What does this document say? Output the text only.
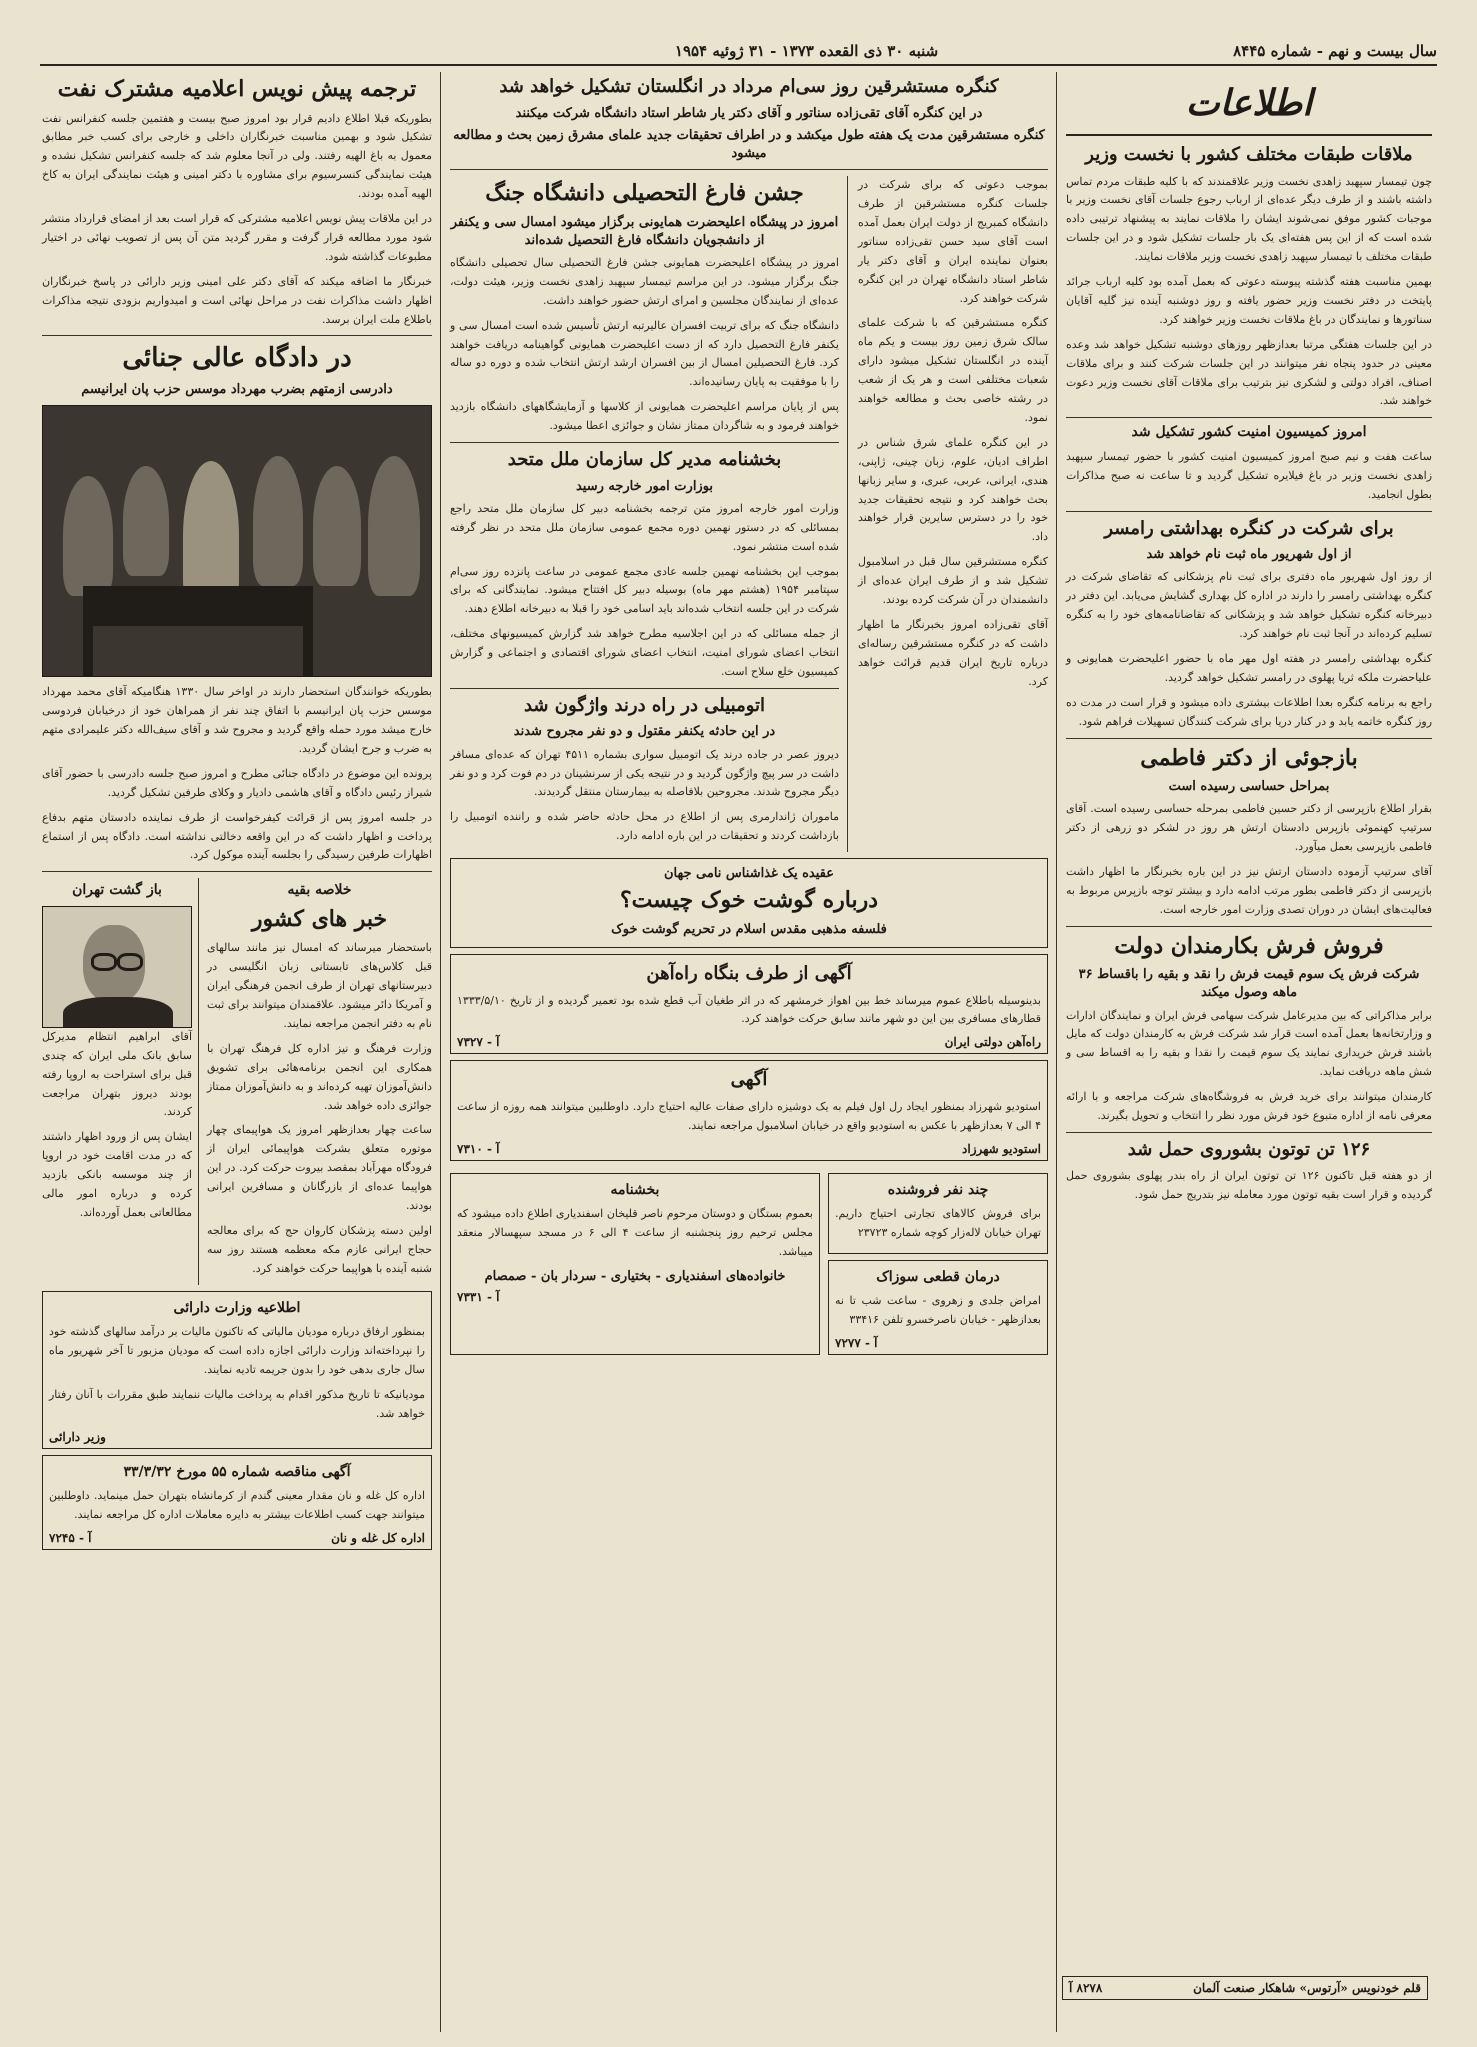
سال بیست و نهم - شماره ۸۴۴۵
شنبه ۳۰ ذی القعده ۱۳۷۳ - ۳۱ ژوئیه ۱۹۵۴
اطلاعات
ملاقات طبقات مختلف کشور با نخست وزیر

چون تیمسار سپهبد زاهدی نخست وزیر علاقمندند که با کلیه طبقات مردم تماس داشته باشند و از طرف دیگر عده‌ای از ارباب رجوع جلسات آقای نخست وزیر با موجبات کشور موفق نمی‌شوند ایشان را ملاقات نمایند به پیشنهاد ترتیبی داده شده است که از این پس هفته‌ای یک بار جلسات تشکیل شود و در این جلسات طبقات مختلف با تیمسار سپهبد زاهدی نخست وزیر ملاقات نمایند.

بهمین مناسبت هفته گذشته پیوسته دعوتی که بعمل آمده بود کلیه ارباب جرائد پایتخت در دفتر نخست وزیر حضور یافته و روز دوشنبه آینده نیز گلیه آقایان سناتورها و نمایندگان در باغ ملاقات نخست وزیر خواهند کرد.

در این جلسات هفتگی مرتبا بعدازظهر روزهای دوشنبه تشکیل خواهد شد وعده معینی در حدود پنجاه نفر میتوانند در این جلسات شرکت کنند و برای ملاقات اصناف، افراد دولتی و لشکری نیز بترتیب برای ملاقات آقای نخست وزیر دعوت خواهند شد.

امروز کمیسیون امنیت کشور تشکیل شد

ساعت هفت و نیم صبح امروز کمیسیون امنیت کشور با حضور تیمسار سپهبد زاهدی نخست وزیر در باغ فیلایره تشکیل گردید و تا ساعت نه صبح مذاکرات بطول انجامید.

برای شرکت در کنگره بهداشتی رامسر
از اول شهریور ماه ثبت نام خواهد شد

از روز اول شهریور ماه دفتری برای ثبت نام پزشکانی که تقاضای شرکت در کنگره بهداشتی رامسر را دارند در اداره کل بهداری گشایش می‌یابد. این دفتر در دبیرخانه کنگره تشکیل خواهد شد و پزشکانی که تقاضانامه‌های خود را به کنگره تسلیم کرده‌اند در آنجا ثبت نام خواهند کرد.

کنگره بهداشتی رامسر در هفته اول مهر ماه با حضور اعلیحضرت همایونی و علیاحضرت ملکه ثریا پهلوی در رامسر تشکیل خواهد گردید.

راجع به برنامه کنگره بعدا اطلاعات بیشتری داده میشود و قرار است در مدت ده روز کنگره خاتمه یابد و در کنار دریا برای شرکت کنندگان تسهیلات فراهم شود.

بازجوئی از دکتر فاطمی
بمراحل حساسی رسیده است

بقرار اطلاع بازپرسی از دکتر حسین فاطمی بمرحله حساسی رسیده است. آقای سرتیپ کهنموئی بازپرس دادستان ارتش هر روز در لشکر دو زرهی از دکتر فاطمی بازپرسی بعمل میآورد.

آقای سرتیپ آزموده دادستان ارتش نیز در این باره بخبرنگار ما اظهار داشت بازپرسی از دکتر فاطمی بطور مرتب ادامه دارد و بیشتر توجه بازپرس مربوط به فعالیت‌های ایشان در دوران تصدی وزارت امور خارجه است.

فروش فرش بکارمندان دولت
شرکت فرش یک سوم قیمت فرش را نقد و بقیه را باقساط ۳۶ ماهه وصول میکند

برابر مذاکراتی که بین مدیرعامل شرکت سهامی فرش ایران و نمایندگان ادارات و وزارتخانه‌ها بعمل آمده است قرار شد شرکت فرش به کارمندان دولت که مایل باشند فرش خریداری نمایند یک سوم قیمت را نقدا و بقیه را به اقساط سی و شش ماهه دریافت نماید.

کارمندان میتوانند برای خرید فرش به فروشگاه‌های شرکت مراجعه و با ارائه معرفی نامه از اداره متبوع خود فرش مورد نظر را انتخاب و تحویل بگیرند.

۱۲۶ تن توتون بشوروی حمل شد

از دو هفته قبل تاکنون ۱۲۶ تن توتون ایران از راه بندر پهلوی بشوروی حمل گردیده و قرار است بقیه توتون مورد معامله نیز بتدریج حمل شود.

قلم خودنویس «آرتوس» شاهکار صنعت آلمان
۸۲۷۸ آ
کنگره مستشرقین روز سی‌ام مرداد در انگلستان تشکیل خواهد شد
در این کنگره آقای تقی‌زاده سناتور و آقای دکتر یار شاطر استاد دانشگاه شرکت میکنند
کنگره مستشرقین مدت یک هفته طول میکشد و در اطراف تحقیقات جدید علمای مشرق زمین بحث و مطالعه میشود

بموجب دعوتی که برای شرکت در جلسات کنگره مستشرقین از طرف دانشگاه کمبریج از دولت ایران بعمل آمده است آقای سید حسن تقی‌زاده سناتور بعنوان نماینده ایران و آقای دکتر یار شاطر استاد دانشگاه تهران در این کنگره شرکت خواهند کرد.

کنگره مستشرقین که با شرکت علمای سالک شرق زمین روز بیست و یکم ماه آینده در انگلستان تشکیل میشود دارای شعبات مختلفی است و هر یک از شعب در رشته خاصی بحث و مطالعه خواهند نمود.

در این کنگره علمای شرق شناس در اطراف ادیان، علوم، زبان چینی، ژاپنی، هندی، ایرانی، عربی، عبری، و سایر زبانها بحث خواهند کرد و نتیجه تحقیقات جدید خود را در دسترس سایرین قرار خواهند داد.

کنگره مستشرقین سال قبل در اسلامبول تشکیل شد و از طرف ایران عده‌ای از دانشمندان در آن شرکت کرده بودند.

آقای تقی‌زاده امروز بخبرنگار ما اظهار داشت که در کنگره مستشرقین رساله‌ای درباره تاریخ ایران قدیم قرائت خواهد کرد.

جشن فارغ التحصیلی دانشگاه جنگ
امروز در پیشگاه اعلیحضرت همایونی برگزار میشود امسال سی و یکنفر از دانشجویان دانشگاه فارغ التحصیل شده‌اند

امروز در پیشگاه اعلیحضرت همایونی جشن فارغ التحصیلی سال تحصیلی دانشگاه جنگ برگزار میشود. در این مراسم تیمسار سپهبد زاهدی نخست وزیر، هیئت دولت، عده‌ای از نمایندگان مجلسین و امرای ارتش حضور خواهند داشت.

دانشگاه جنگ که برای تربیت افسران عالیرتبه ارتش تأسیس شده است امسال سی و یکنفر فارغ التحصیل دارد که از دست اعلیحضرت همایونی گواهینامه دریافت خواهند کرد. فارغ التحصیلین امسال از بین افسران ارشد ارتش انتخاب شده و دوره دو ساله را با موفقیت به پایان رسانیده‌اند.

پس از پایان مراسم اعلیحضرت همایونی از کلاسها و آزمایشگاههای دانشگاه بازدید خواهند فرمود و به شاگردان ممتاز نشان و جوائزی اعطا میشود.

بخشنامه مدیر کل سازمان ملل متحد
بوزارت امور خارجه رسید

وزارت امور خارجه امروز متن ترجمه بخشنامه دبیر کل سازمان ملل متحد راجع بمسائلی که در دستور نهمین دوره مجمع عمومی سازمان ملل متحد در نظر گرفته شده است منتشر نمود.

بموجب این بخشنامه نهمین جلسه عادی مجمع عمومی در ساعت پانزده روز سی‌ام سپتامبر ۱۹۵۴ (هشتم مهر ماه) بوسیله دبیر کل افتتاح میشود. نمایندگانی که برای شرکت در این جلسه انتخاب شده‌اند باید اسامی خود را قبلا به دبیرخانه اطلاع دهند.

از جمله مسائلی که در این اجلاسیه مطرح خواهد شد گزارش کمیسیونهای مختلف، انتخاب اعضای شورای امنیت، انتخاب اعضای شورای اقتصادی و اجتماعی و گزارش کمیسیون خلع سلاح است.

اتومبیلی در راه درند واژگون شد
در این حادثه یکنفر مقتول و دو نفر مجروح شدند

دیروز عصر در جاده درند یک اتومبیل سواری بشماره ۴۵۱۱ تهران که عده‌ای مسافر داشت در سر پیچ واژگون گردید و در نتیجه یکی از سرنشینان در دم فوت کرد و دو نفر دیگر مجروح شدند. مجروحین بلافاصله به بیمارستان منتقل گردیدند.

ماموران ژاندارمری پس از اطلاع در محل حادثه حاضر شده و راننده اتومبیل را بازداشت کردند و تحقیقات در این باره ادامه دارد.

عقیده یک غذاشناس نامی جهان
درباره گوشت خوک چیست؟
فلسفه مذهبی مقدس اسلام در تحریم گوشت خوک
آگهی از طرف بنگاه راه‌آهن

بدینوسیله باطلاع عموم میرساند خط بین اهواز خرمشهر که در اثر طغیان آب قطع شده بود تعمیر گردیده و از تاریخ ۱۳۳۳/۵/۱۰ قطارهای مسافری بین این دو شهر مانند سابق حرکت خواهند کرد.

راه‌آهن دولتی ایران
آ - ۷۳۲۷
آگهی

استودیو شهرزاد بمنظور ایجاد رل اول فیلم به یک دوشیزه دارای صفات عالیه احتیاج دارد. داوطلبین میتوانند همه روزه از ساعت ۴ الی ۷ بعدازظهر با عکس به استودیو واقع در خیابان اسلامبول مراجعه نمایند.

استودیو شهرزاد
آ - ۷۳۱۰
چند نفر فروشنده

برای فروش کالاهای تجارتی احتیاج داریم. تهران خیابان لاله‌زار کوچه شماره ۲۳۷۲۳

درمان قطعی سوزاک

امراض جلدی و زهروی - ساعت شب تا نه بعدازظهر - خیابان ناصرخسرو تلفن ۳۳۴۱۶

آ - ۷۲۷۷
بخشنامه

بعموم بستگان و دوستان مرحوم ناصر قلیخان اسفندیاری اطلاع داده میشود که مجلس ترحیم روز پنجشنبه از ساعت ۴ الی ۶ در مسجد سپهسالار منعقد میباشد.

خانواده‌های اسفندیاری - بختیاری - سردار بان - صمصام
آ - ۷۳۳۱
ترجمه پیش نویس اعلامیه مشترک نفت

بطوریکه قبلا اطلاع دادیم قرار بود امروز صبح بیست و هفتمین جلسه کنفرانس نفت تشکیل شود و بهمین مناسبت خبرنگاران داخلی و خارجی برای کسب خبر مطابق معمول به باغ الهیه رفتند. ولی در آنجا معلوم شد که جلسه کنفرانس تشکیل نشده و هیئت نمایندگی کنسرسیوم برای مشاوره با دکتر امینی و هیئت نمایندگی ایران به کاخ الهیه آمده بودند.

در این ملاقات پیش نویس اعلامیه مشترکی که قرار است بعد از امضای قرارداد منتشر شود مورد مطالعه قرار گرفت و مقرر گردید متن آن پس از تصویب نهائی در اختیار مطبوعات گذاشته شود.

خبرنگار ما اضافه میکند که آقای دکتر علی امینی وزیر دارائی در پاسخ خبرنگاران اظهار داشت مذاکرات نفت در مراحل نهائی است و امیدواریم بزودی نتیجه مذاکرات باطلاع ملت ایران برسد.

در دادگاه عالی جنائی
دادرسی ازمتهم بضرب مهرداد موسس حزب پان ایرانیسم

بطوریکه خوانندگان استحضار دارند در اواخر سال ۱۳۳۰ هنگامیکه آقای محمد مهرداد موسس حزب پان ایرانیسم با اتفاق چند نفر از همراهان خود از درخیابان فردوسی خارج میشد مورد حمله واقع گردید و مجروح شد و آقای سیف‌الله دکتر علیمرادی متهم به ضرب و جرح ایشان گردید.

پرونده این موضوع در دادگاه جنائی مطرح و امروز صبح جلسه دادرسی با حضور آقای شیراز رئیس دادگاه و آقای هاشمی دادیار و وکلای طرفین تشکیل گردید.

در جلسه امروز پس از قرائت کیفرخواست از طرف نماینده دادستان متهم بدفاع پرداخت و اظهار داشت که در این واقعه دخالتی نداشته است. دادگاه پس از استماع اظهارات طرفین رسیدگی را بجلسه آینده موکول کرد.

خلاصه بقیه
خبر های کشور

باستحضار میرساند که امسال نیز مانند سالهای قبل کلاس‌های تابستانی زبان انگلیسی در دبیرستانهای تهران از طرف انجمن فرهنگی ایران و آمریکا دائر میشود. علاقمندان میتوانند برای ثبت نام به دفتر انجمن مراجعه نمایند.

وزارت فرهنگ و نیز اداره کل فرهنگ تهران با همکاری این انجمن برنامه‌هائی برای تشویق دانش‌آموزان تهیه کرده‌اند و به دانش‌آموزان ممتاز جوائزی داده خواهد شد.

ساعت چهار بعدازظهر امروز یک هواپیمای چهار موتوره متعلق بشرکت هواپیمائی ایران از فرودگاه مهرآباد بمقصد بیروت حرکت کرد. در این هواپیما عده‌ای از بازرگانان و مسافرین ایرانی بودند.

اولین دسته پزشکان کاروان حج که برای معالجه حجاج ایرانی عازم مکه معظمه هستند روز سه شنبه آینده با هواپیما حرکت خواهند کرد.

باز گشت تهران

آقای ابراهیم انتظام مدیرکل سابق بانک ملی ایران که چندی قبل برای استراحت به اروپا رفته بودند دیروز بتهران مراجعت کردند.

ایشان پس از ورود اظهار داشتند که در مدت اقامت خود در اروپا از چند موسسه بانکی بازدید کرده و درباره امور مالی مطالعاتی بعمل آورده‌اند.

اطلاعیه وزارت دارائی

بمنظور ارفاق درباره مودیان مالیاتی که تاکنون مالیات بر درآمد سالهای گذشته خود را نپرداخته‌اند وزارت دارائی اجازه داده است که مودیان مزبور تا آخر شهریور ماه سال جاری بدهی خود را بدون جریمه تادیه نمایند.

مودیانیکه تا تاریخ مذکور اقدام به پرداخت مالیات ننمایند طبق مقررات با آنان رفتار خواهد شد.

وزیر دارائی
آگهی مناقصه شماره ۵۵ مورخ ۳۳/۳/۳۲

اداره کل غله و نان مقدار معینی گندم از کرمانشاه بتهران حمل مینماید. داوطلبین میتوانند جهت کسب اطلاعات بیشتر به دایره معاملات اداره کل مراجعه نمایند.

اداره کل غله و نان
آ - ۷۲۴۵
